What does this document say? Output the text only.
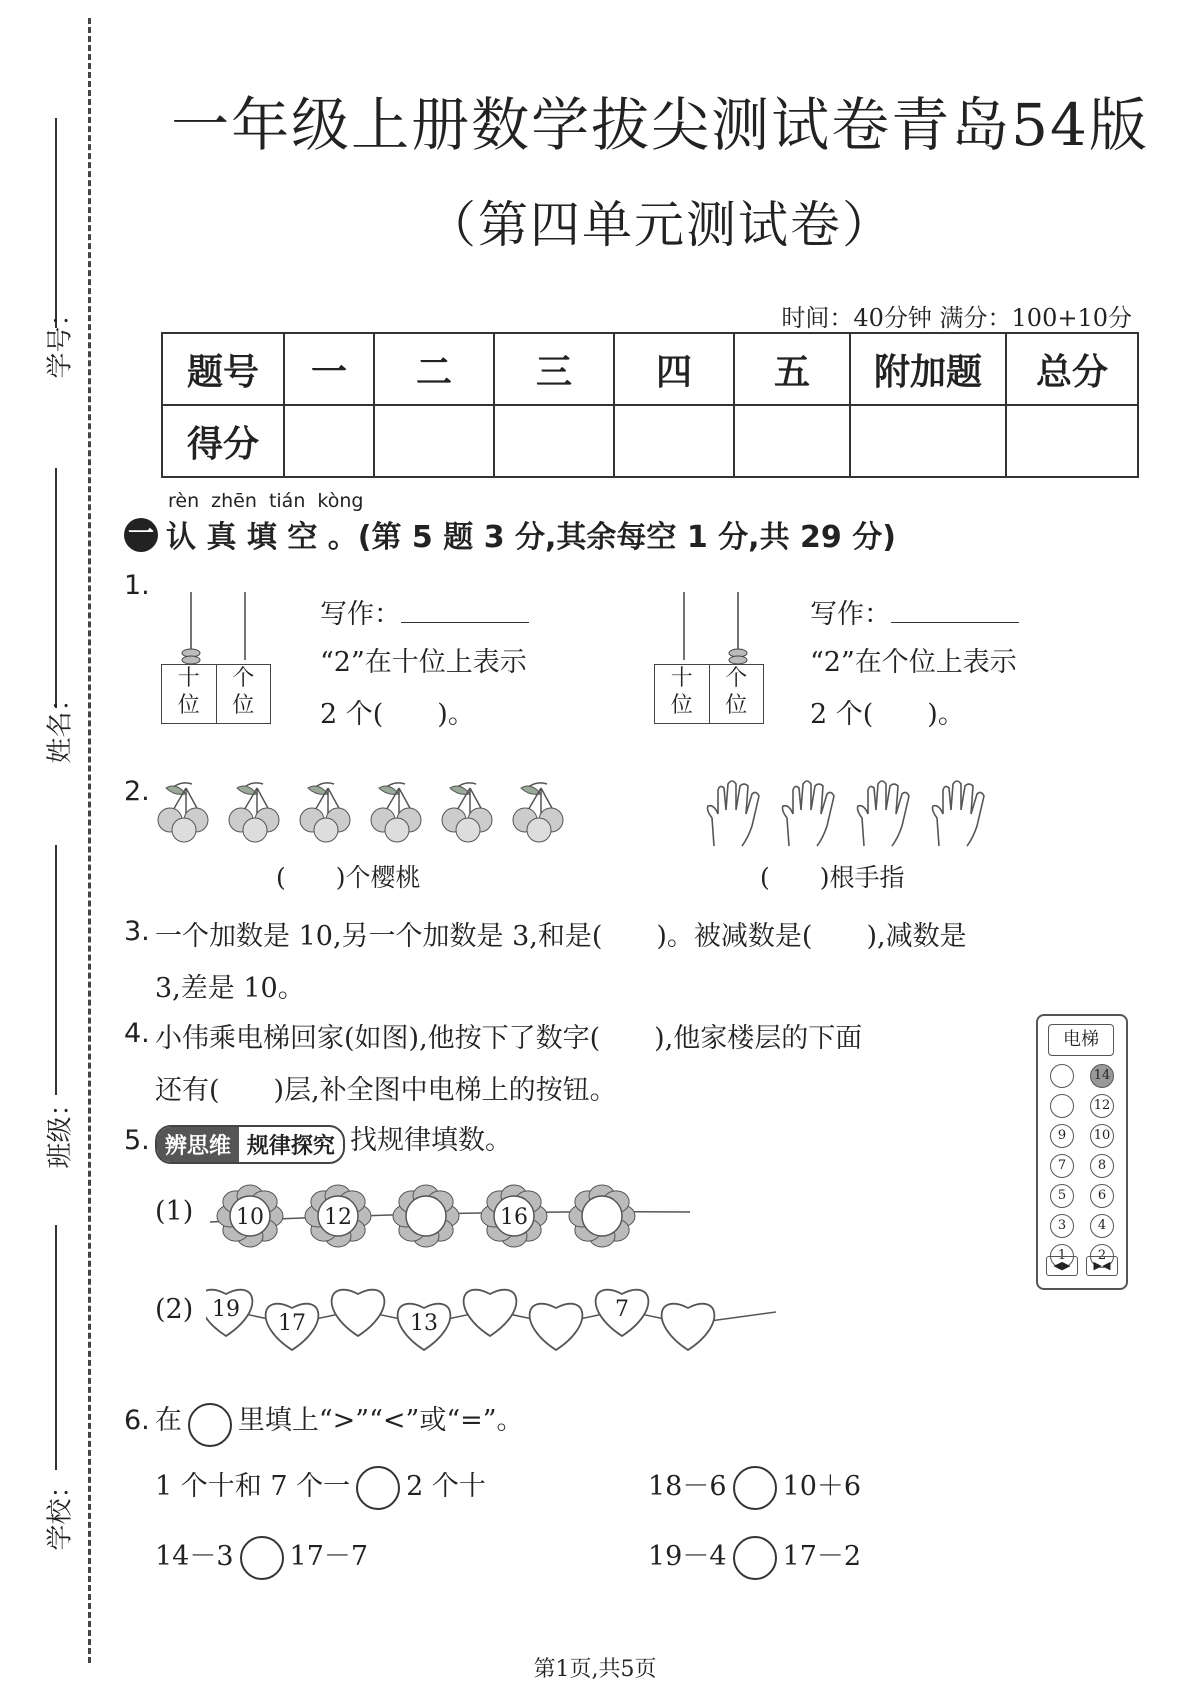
学号：
姓名：
班级：
学校：
一年级上册数学拔尖测试卷青岛54版
（第四单元测试卷）
时间：40分钟 满分：100+10分
题号	一	二	三	四	五	附加题	总分
得分							
rèn zhēn tián kòng
一 认 真 填 空 。(第 5 题 3 分,其余每空 1 分,共 29 分)
1.
十
位
个
位
写作：
“2”在十位上表示
2 个(　　)。
十
位
个
位
写作：
“2”在个位上表示
2 个(　　)。
2.
(　　)个樱桃	(　　)根手指
3. 一个加数是 10,另一个加数是 3,和是(　　)。被减数是(　　),减数是
3,差是 10。
4. 小伟乘电梯回家(如图),他按下了数字(　　),他家楼层的下面
还有(　　)层,补全图中电梯上的按钮。
电梯
14
12
9	10
7	8
5	6
3	4
1	2
◀▶	▶◀
5. 辨思维 规律探究 找规律填数。
(1) 10	12	16
(2) 19
17	13
7
6. 在 里填上“>”“<”或“=”。
1 个十和 7 个一 2 个十	18－6 10＋6
14－3 17－7	19－4 17－2
第1页,共5页
